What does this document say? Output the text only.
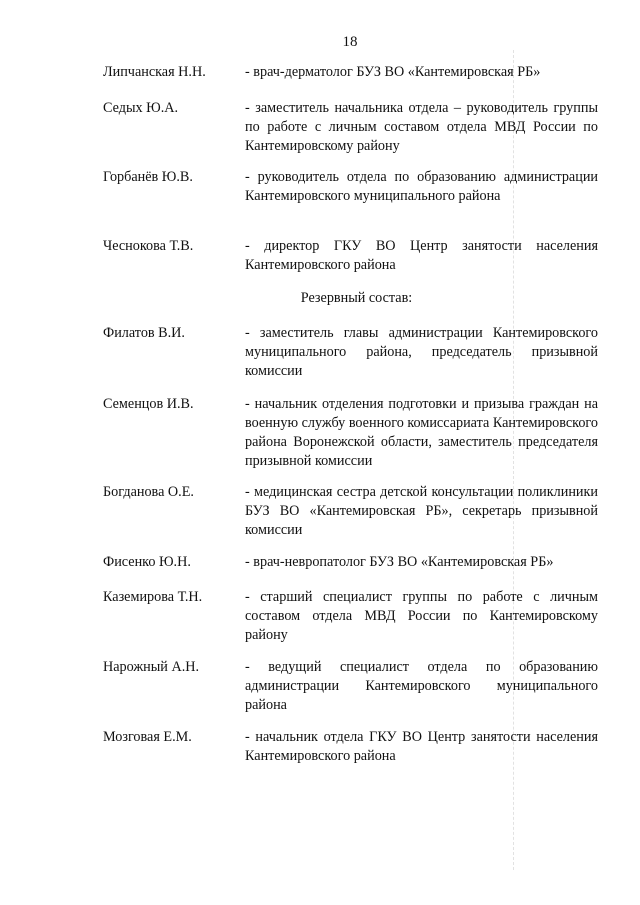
18
Липчанская Н.Н.	- врач-дерматолог БУЗ ВО «Кантемировская РБ»
Седых Ю.А.	- заместитель начальника отдела – руководитель группы по работе с личным составом отдела МВД России по Кантемировскому району
Горбанёв Ю.В.	- руководитель отдела по образованию администрации Кантемировского муниципального района
Чеснокова Т.В.	- директор ГКУ ВО Центр занятости населения Кантемировского района
Резервный состав:
Филатов В.И.	- заместитель главы администрации Кантемировского муниципального района, председатель призывной комиссии
Семенцов И.В.	- начальник отделения подготовки и призыва граждан на военную службу военного комиссариата Кантемировского района Воронежской области, заместитель председателя призывной комиссии
Богданова О.Е.	- медицинская сестра детской консультации поликлиники БУЗ ВО «Кантемировская РБ», секретарь призывной комиссии
Фисенко Ю.Н.	- врач-невропатолог БУЗ ВО «Кантемировская РБ»
Каземирова Т.Н.	- старший специалист группы по работе с личным составом отдела МВД России по Кантемировскому району
Нарожный А.Н.	- ведущий специалист отдела по образованию администрации Кантемировского муниципального района
Мозговая Е.М.	- начальник отдела ГКУ ВО Центр занятости населения Кантемировского района
